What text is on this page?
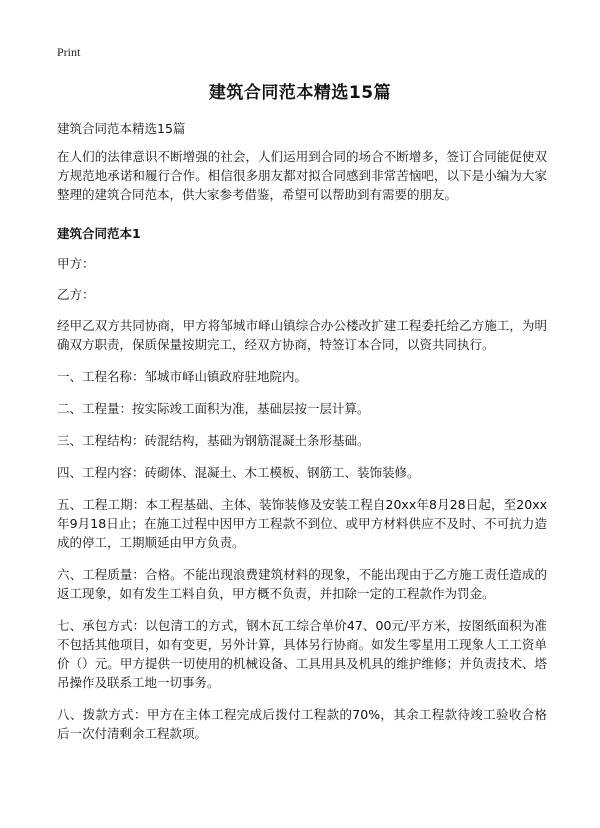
Print
建筑合同范本精选15篇

建筑合同范本精选15篇

在人们的法律意识不断增强的社会，人们运用到合同的场合不断增多，签订合同能促使双方规范地承诺和履行合作。相信很多朋友都对拟合同感到非常苦恼吧，以下是小编为大家整理的建筑合同范本，供大家参考借鉴，希望可以帮助到有需要的朋友。

建筑合同范本1

甲方：

乙方：

经甲乙双方共同协商，甲方将邹城市峄山镇综合办公楼改扩建工程委托给乙方施工，为明确双方职责，保质保量按期完工，经双方协商，特签订本合同，以资共同执行。

一、工程名称：邹城市峄山镇政府驻地院内。

二、工程量：按实际竣工面积为准，基础层按一层计算。

三、工程结构：砖混结构，基础为钢筋混凝土条形基础。

四、工程内容：砖砌体、混凝土、木工模板、钢筋工、装饰装修。

五、工程工期：本工程基础、主体、装饰装修及安装工程自20xx年8月28日起，至20xx年9月18日止；在施工过程中因甲方工程款不到位、或甲方材料供应不及时、不可抗力造成的停工，工期顺延由甲方负责。

六、工程质量：合格。不能出现浪费建筑材料的现象，不能出现由于乙方施工责任造成的返工现象，如有发生工料自负，甲方概不负责，并扣除一定的工程款作为罚金。

七、承包方式：以包清工的方式，钢木瓦工综合单价47、00元/平方米，按图纸面积为准不包括其他项目，如有变更，另外计算，具体另行协商。如发生零星用工现象人工工资单价（）元。甲方提供一切使用的机械设备、工具用具及机具的维护维修；并负责技术、塔吊操作及联系工地一切事务。

八、拨款方式：甲方在主体工程完成后拨付工程款的70%，其余工程款待竣工验收合格后一次付清剩余工程款项。
